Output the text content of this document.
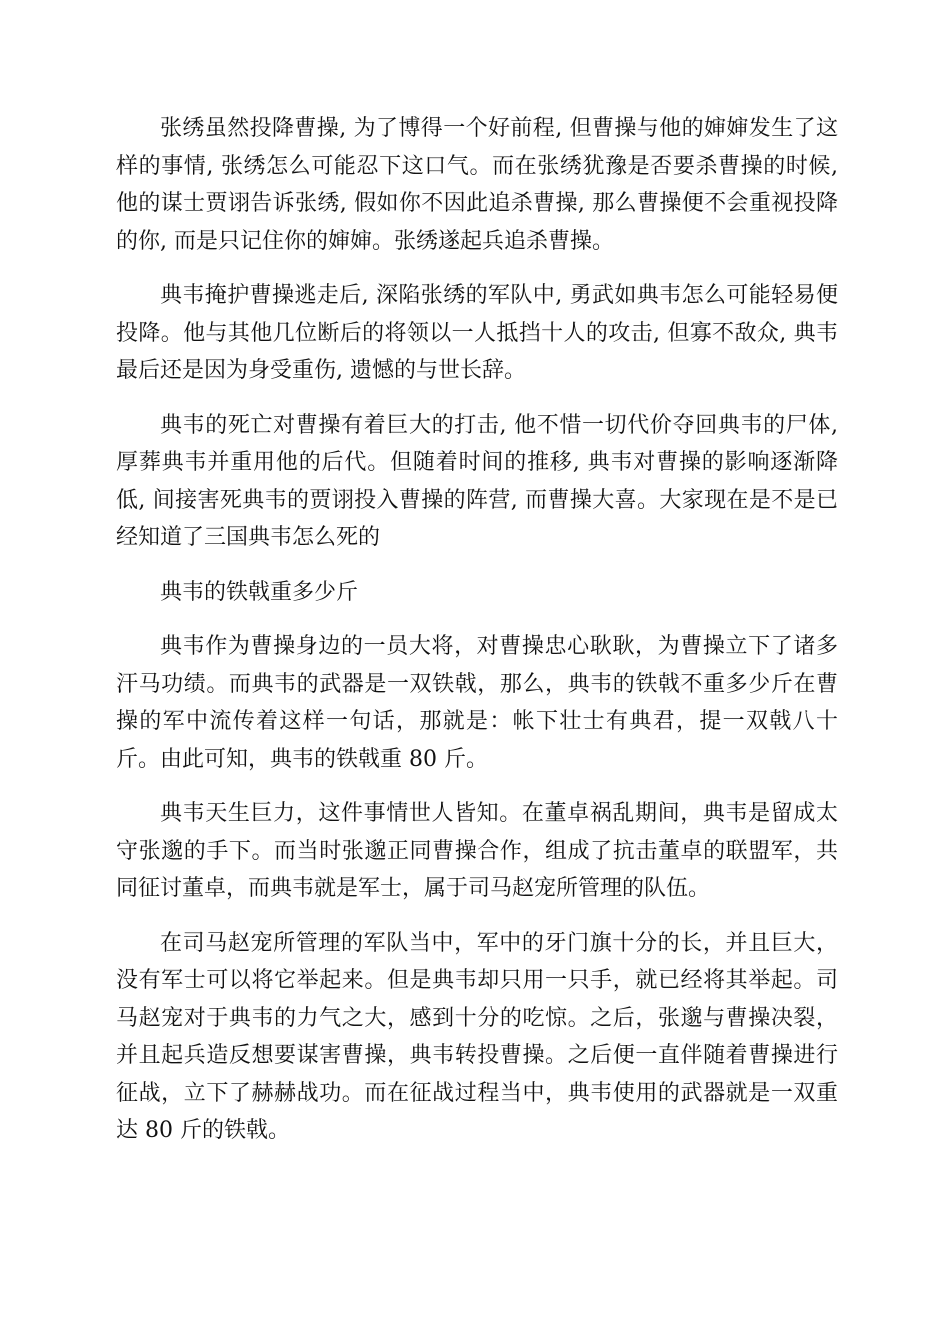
张绣虽然投降曹操, 为了博得一个好前程, 但曹操与他的婶婶发生了这样的事情, 张绣怎么可能忍下这口气。而在张绣犹豫是否要杀曹操的时候, 他的谋士贾诩告诉张绣, 假如你不因此追杀曹操, 那么曹操便不会重视投降的你, 而是只记住你的婶婶。张绣遂起兵追杀曹操。

典韦掩护曹操逃走后, 深陷张绣的军队中, 勇武如典韦怎么可能轻易便投降。他与其他几位断后的将领以一人抵挡十人的攻击, 但寡不敌众, 典韦最后还是因为身受重伤, 遗憾的与世长辞。

典韦的死亡对曹操有着巨大的打击, 他不惜一切代价夺回典韦的尸体, 厚葬典韦并重用他的后代。但随着时间的推移, 典韦对曹操的影响逐渐降低, 间接害死典韦的贾诩投入曹操的阵营, 而曹操大喜。大家现在是不是已经知道了三国典韦怎么死的

典韦的铁戟重多少斤

典韦作为曹操身边的一员大将，对曹操忠心耿耿，为曹操立下了诸多汗马功绩。而典韦的武器是一双铁戟，那么，典韦的铁戟不重多少斤在曹操的军中流传着这样一句话，那就是：帐下壮士有典君，提一双戟八十斤。由此可知，典韦的铁戟重 80 斤。

典韦天生巨力，这件事情世人皆知。在董卓祸乱期间，典韦是留成太守张邈的手下。而当时张邈正同曹操合作，组成了抗击董卓的联盟军，共同征讨董卓，而典韦就是军士，属于司马赵宠所管理的队伍。

在司马赵宠所管理的军队当中，军中的牙门旗十分的长，并且巨大，没有军士可以将它举起来。但是典韦却只用一只手，就已经将其举起。司马赵宠对于典韦的力气之大，感到十分的吃惊。之后，张邈与曹操决裂，并且起兵造反想要谋害曹操，典韦转投曹操。之后便一直伴随着曹操进行征战，立下了赫赫战功。而在征战过程当中，典韦使用的武器就是一双重达 80 斤的铁戟。
